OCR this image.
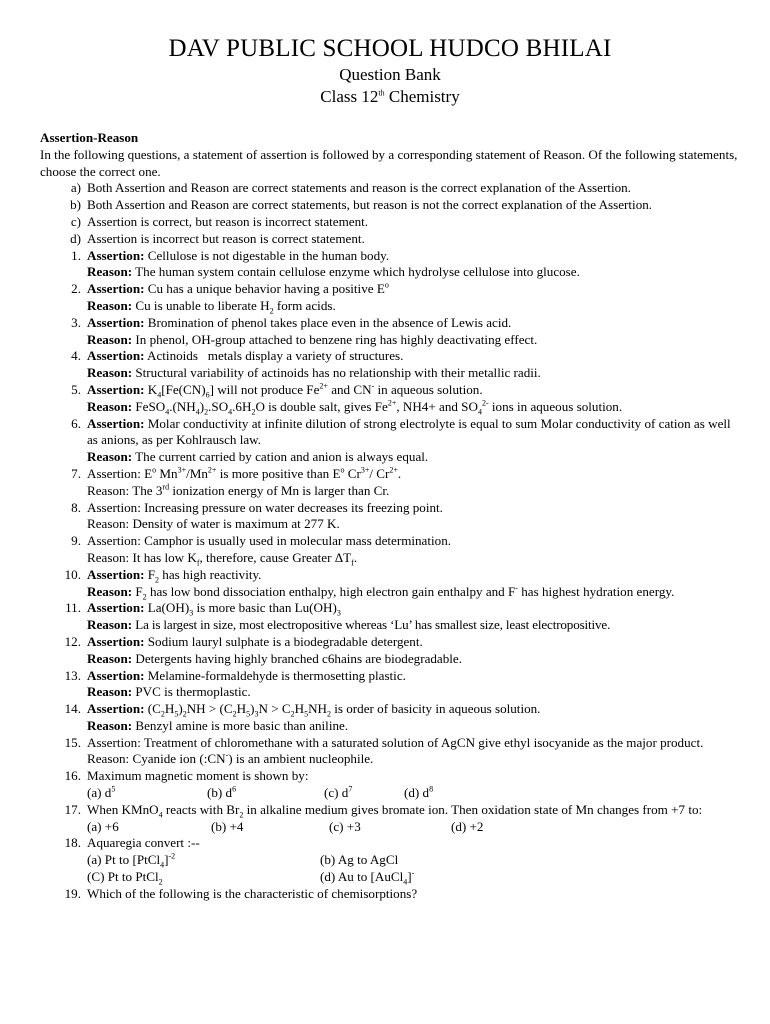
DAV PUBLIC SCHOOL HUDCO BHILAI
Question Bank
Class 12th Chemistry
Assertion-Reason
In the following questions, a statement of assertion is followed by a corresponding statement of Reason. Of the following statements, choose the correct one.
a) Both Assertion and Reason are correct statements and reason is the correct explanation of the Assertion.
b) Both Assertion and Reason are correct statements, but reason is not the correct explanation of the Assertion.
c) Assertion is correct, but reason is incorrect statement.
d) Assertion is incorrect but reason is correct statement.
1. Assertion: Cellulose is not digestable in the human body.
Reason: The human system contain cellulose enzyme which hydrolyse cellulose into glucose.
2. Assertion: Cu has a unique behavior having a positive $E^o$
Reason: Cu is unable to liberate $H_2$ form acids.
3. Assertion: Bromination of phenol takes place even in the absence of Lewis acid.
Reason: In phenol, OH-group attached to benzene ring has highly deactivating effect.
4. Assertion: Actinoids   metals display a variety of structures.
Reason: Structural variability of actinoids has no relationship with their metallic radii.
5. Assertion: $K_4[Fe(CN)_6]$ will not produce $Fe^{2+}$ and CN- in aqueous solution.
Reason: $FeSO_4.(NH_4)_2.SO_4.6H_2O$ is double salt, gives $Fe^{2+}$, NH4+ and $SO_4^{2-}$ ions in aqueous solution.
6. Assertion: Molar conductivity at infinite dilution of strong electrolyte is equal to sum Molar conductivity of cation as well as anions, as per Kohlrausch law.
Reason: The current carried by cation and anion is always equal.
7. Assertion: $E^o$ $Mn^{3+}/Mn^{2+}$ is more positive than $E^o$ $Cr^{3+}/$ $Cr^{2+}$.
Reason: The 3rd ionization energy of Mn is larger than Cr.
8. Assertion: Increasing pressure on water decreases its freezing point.
Reason: Density of water is maximum at 277 K.
9. Assertion: Camphor is usually used in molecular mass determination.
Reason: It has low $K_f$, therefore, cause Greater $\Delta T_f$.
10. Assertion: $F_2$ has high reactivity.
Reason: $F_2$ has low bond dissociation enthalpy, high electron gain enthalpy and F- has highest hydration energy.
11. Assertion: $La(OH)_3$ is more basic than $Lu(OH)_3$
Reason: La is largest in size, most electropositive whereas ‘Lu’ has smallest size, least electropositive.
12. Assertion: Sodium lauryl sulphate is a biodegradable detergent.
Reason: Detergents having highly branched c6hains are biodegradable.
13. Assertion: Melamine-formaldehyde is thermosetting plastic.
Reason: PVC is thermoplastic.
14. Assertion: $(C_2H_5)_2NH > (C_2H_5)_3N > C_2H_5NH_2$ is order of basicity in aqueous solution.
Reason: Benzyl amine is more basic than aniline.
15. Assertion: Treatment of chloromethane with a saturated solution of AgCN give ethyl isocyanide as the major product.
Reason: Cyanide ion (:CN-) is an ambient nucleophile.
16. Maximum magnetic moment is shown by:
(a) $d^5$	(b) $d^6$	(c) $d^7$	(d) $d^8$
17. When KMnO$_4$ reacts with $Br_2$ in alkaline medium gives bromate ion. Then oxidation state of Mn changes from +7 to:
(a) +6	(b) +4	(c) +3	(d) +2
18. Aquaregia convert :--
(a) Pt to [PtCl$_4$]$^{-2}$	(b) Ag to AgCl
(C) Pt to PtCl$_2$	(d) Au to [AuCl$_4$]-
19. Which of the following is the characteristic of chemisorptions?
